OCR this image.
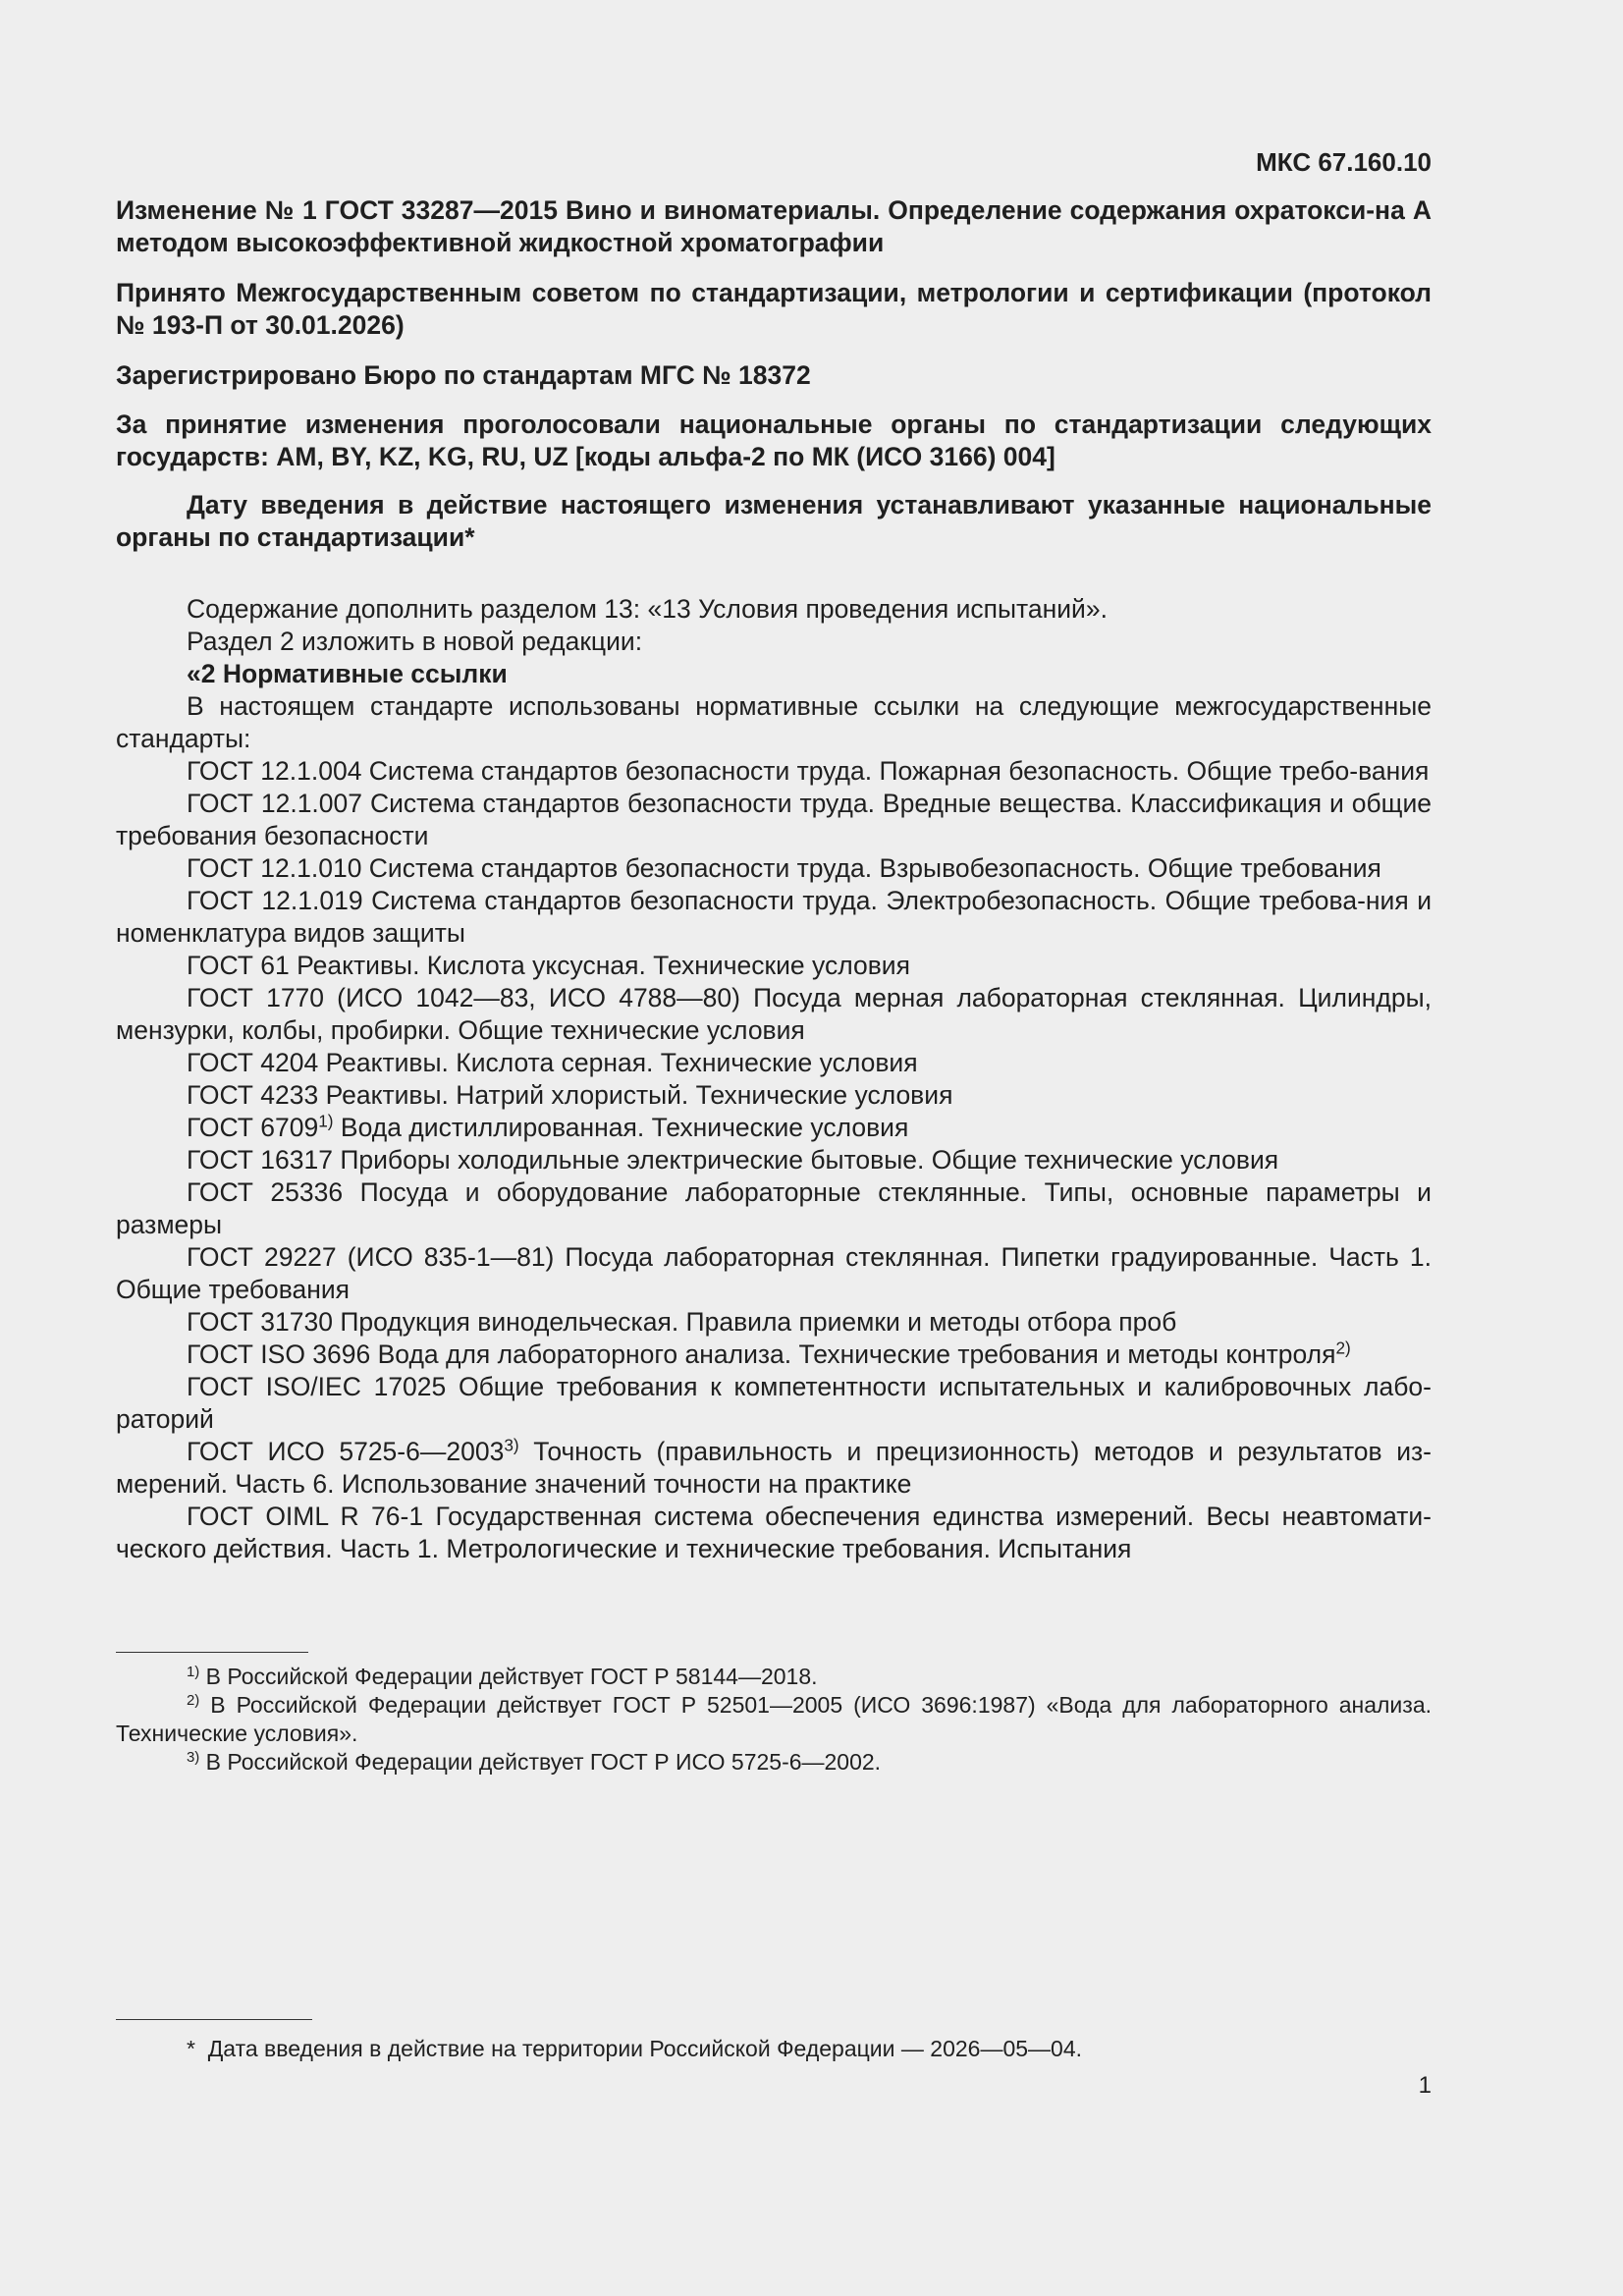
МКС 67.160.10

Изменение № 1 ГОСТ 33287—2015 Вино и виноматериалы. Определение содержания охратокси-на А методом высокоэффективной жидкостной хроматографии

Принято Межгосударственным советом по стандартизации, метрологии и сертификации (протокол № 193-П от 30.01.2026)

Зарегистрировано Бюро по стандартам МГС № 18372

За принятие изменения проголосовали национальные органы по стандартизации следующих государств: AM, BY, KZ, KG, RU, UZ [коды альфа-2 по МК (ИСО 3166) 004]

Дату введения в действие настоящего изменения устанавливают указанные национальные органы по стандартизации*

Содержание дополнить разделом 13: «13 Условия проведения испытаний».

Раздел 2 изложить в новой редакции:

«2 Нормативные ссылки

В настоящем стандарте использованы нормативные ссылки на следующие межгосударственные стандарты:

ГОСТ 12.1.004 Система стандартов безопасности труда. Пожарная безопасность. Общие требо-вания

ГОСТ 12.1.007 Система стандартов безопасности труда. Вредные вещества. Классификация и общие требования безопасности

ГОСТ 12.1.010 Система стандартов безопасности труда. Взрывобезопасность. Общие требования

ГОСТ 12.1.019 Система стандартов безопасности труда. Электробезопасность. Общие требова-ния и номенклатура видов защиты

ГОСТ 61 Реактивы. Кислота уксусная. Технические условия

ГОСТ 1770 (ИСО 1042—83, ИСО 4788—80) Посуда мерная лабораторная стеклянная. Цилиндры, мензурки, колбы, пробирки. Общие технические условия

ГОСТ 4204 Реактивы. Кислота серная. Технические условия

ГОСТ 4233 Реактивы. Натрий хлористый. Технические условия

ГОСТ 6709$^{1)}$ Вода дистиллированная. Технические условия

ГОСТ 16317 Приборы холодильные электрические бытовые. Общие технические условия

ГОСТ 25336 Посуда и оборудование лабораторные стеклянные. Типы, основные параметры и размеры

ГОСТ 29227 (ИСО 835-1—81) Посуда лабораторная стеклянная. Пипетки градуированные. Часть 1. Общие требования

ГОСТ 31730 Продукция винодельческая. Правила приемки и методы отбора проб

ГОСТ ISO 3696 Вода для лабораторного анализа. Технические требования и методы контроля$^{2)}$

ГОСТ ISO/IEC 17025 Общие требования к компетентности испытательных и калибровочных лабо-раторий

ГОСТ ИСО 5725-6—2003$^{3)}$ Точность (правильность и прецизионность) методов и результатов из-мерений. Часть 6. Использование значений точности на практике

ГОСТ OIML R 76-1 Государственная система обеспечения единства измерений. Весы неавтомати-ческого действия. Часть 1. Метрологические и технические требования. Испытания

$^{1)}$ В Российской Федерации действует ГОСТ Р 58144—2018.

$^{2)}$ В Российской Федерации действует ГОСТ Р 52501—2005 (ИСО 3696:1987) «Вода для лабораторного анализа. Технические условия».

$^{3)}$ В Российской Федерации действует ГОСТ Р ИСО 5725-6—2002.

* Дата введения в действие на территории Российской Федерации — 2026—05—04.

1
